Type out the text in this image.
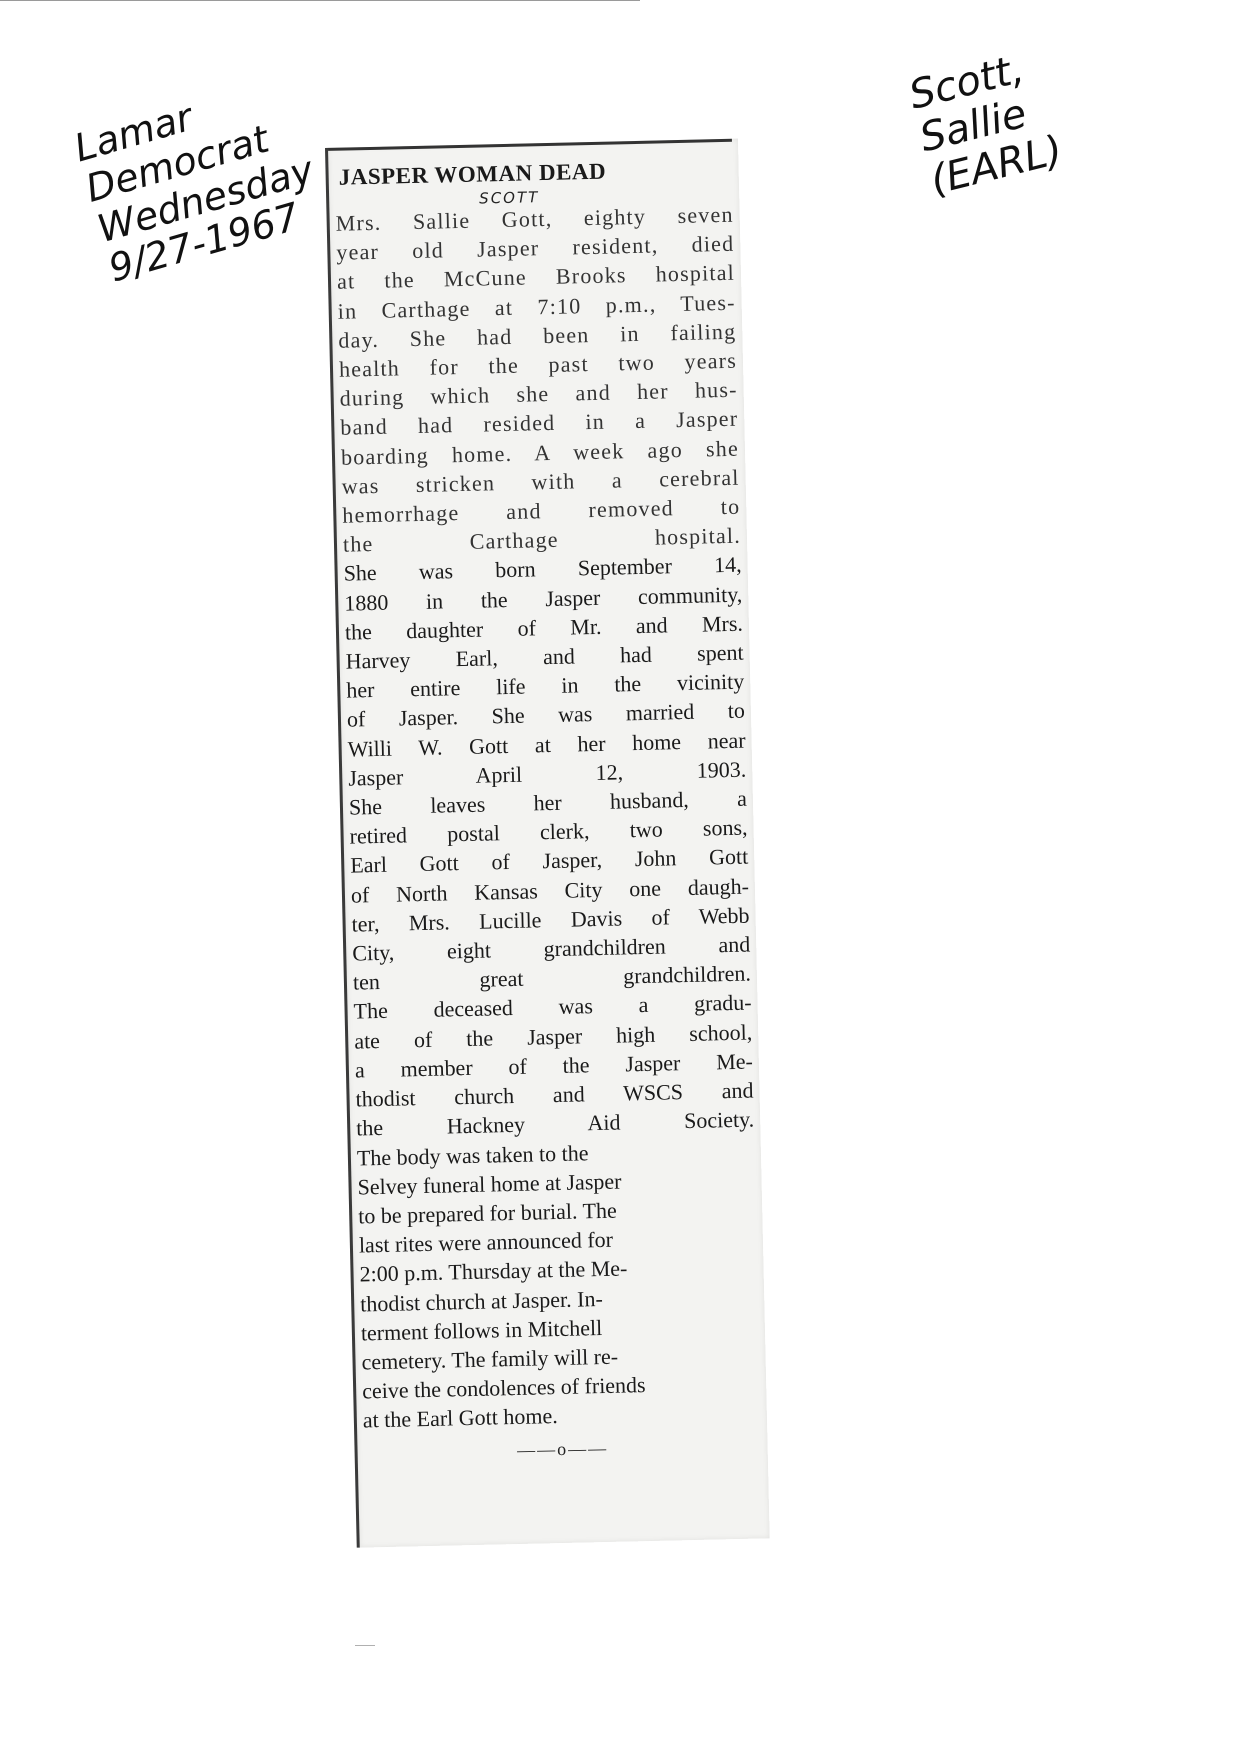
Lamar
Democrat
Wednesday
9/27-1967
Scott,
Sallie
(EARL)
JASPER WOMAN DEAD
SCOTT
Mrs. Sallie Gott, eighty seven
year old Jasper resident, died
at the McCune Brooks hospital
in Carthage at 7:10 p.m., Tues-
day. She had been in failing
health for the past two years
during which she and her hus-
band had resided in a Jasper
boarding home. A week ago she
was stricken with a cerebral
hemorrhage and removed to
the Carthage hospital.
She was born September 14,
1880 in the Jasper community,
the daughter of Mr. and Mrs.
Harvey Earl, and had spent
her entire life in the vicinity
of Jasper. She was married to
Willi W. Gott at her home near
Jasper April 12, 1903.
She leaves her husband, a
retired postal clerk, two sons,
Earl Gott of Jasper, John Gott
of North Kansas City one daugh-
ter, Mrs. Lucille Davis of Webb
City, eight grandchildren and
ten great grandchildren.
The deceased was a gradu-
ate of the Jasper high school,
a member of the Jasper Me-
thodist church and WSCS and
the Hackney Aid Society.
The body was taken to the
Selvey funeral home at Jasper
to be prepared for burial. The
last rites were announced for
2:00 p.m. Thursday at the Me-
thodist church at Jasper. In-
terment follows in Mitchell
cemetery. The family will re-
ceive the condolences of friends
at the Earl Gott home.
——o——
